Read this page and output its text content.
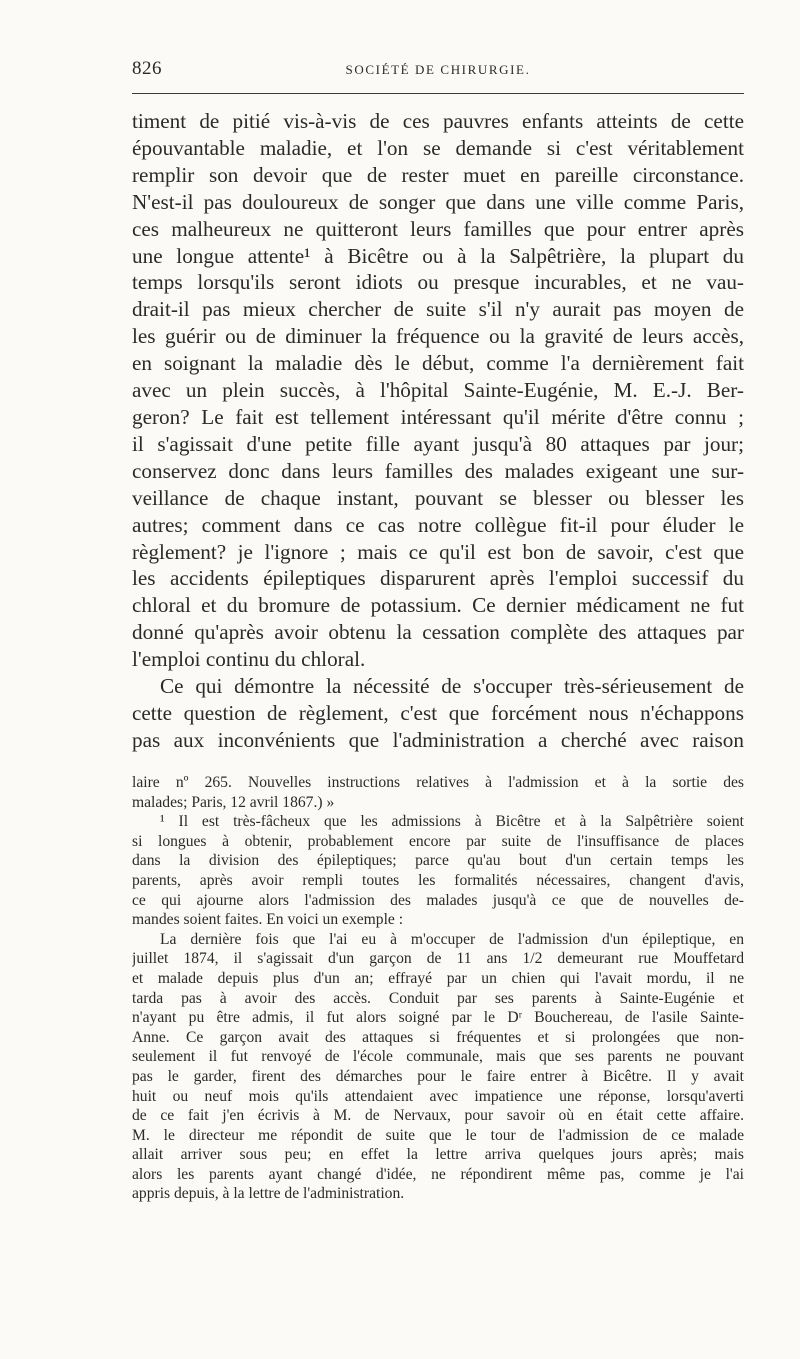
826	SOCIÉTÉ DE CHIRURGIE.
timent de pitié vis-à-vis de ces pauvres enfants atteints de cette
épouvantable maladie, et l'on se demande si c'est véritablement
remplir son devoir que de rester muet en pareille circonstance.
N'est-il pas douloureux de songer que dans une ville comme Paris,
ces malheureux ne quitteront leurs familles que pour entrer après
une longue attente¹ à Bicêtre ou à la Salpêtrière, la plupart du
temps lorsqu'ils seront idiots ou presque incurables, et ne vau-
drait-il pas mieux chercher de suite s'il n'y aurait pas moyen de
les guérir ou de diminuer la fréquence ou la gravité de leurs accès,
en soignant la maladie dès le début, comme l'a dernièrement fait
avec un plein succès, à l'hôpital Sainte-Eugénie, M. E.-J. Ber-
geron? Le fait est tellement intéressant qu'il mérite d'être connu ;
il s'agissait d'une petite fille ayant jusqu'à 80 attaques par jour;
conservez donc dans leurs familles des malades exigeant une sur-
veillance de chaque instant, pouvant se blesser ou blesser les
autres; comment dans ce cas notre collègue fit-il pour éluder le
règlement? je l'ignore ; mais ce qu'il est bon de savoir, c'est que
les accidents épileptiques disparurent après l'emploi successif du
chloral et du bromure de potassium. Ce dernier médicament ne fut
donné qu'après avoir obtenu la cessation complète des attaques par
l'emploi continu du chloral.
Ce qui démontre la nécessité de s'occuper très-sérieusement de
cette question de règlement, c'est que forcément nous n'échappons
pas aux inconvénients que l'administration a cherché avec raison
laire nº 265. Nouvelles instructions relatives à l'admission et à la sortie des
malades; Paris, 12 avril 1867.) »
¹ Il est très-fâcheux que les admissions à Bicêtre et à la Salpêtrière soient
si longues à obtenir, probablement encore par suite de l'insuffisance de places
dans la division des épileptiques; parce qu'au bout d'un certain temps les
parents, après avoir rempli toutes les formalités nécessaires, changent d'avis,
ce qui ajourne alors l'admission des malades jusqu'à ce que de nouvelles de-
mandes soient faites. En voici un exemple :
La dernière fois que l'ai eu à m'occuper de l'admission d'un épileptique, en
juillet 1874, il s'agissait d'un garçon de 11 ans 1/2 demeurant rue Mouffetard
et malade depuis plus d'un an; effrayé par un chien qui l'avait mordu, il ne
tarda pas à avoir des accès. Conduit par ses parents à Sainte-Eugénie et
n'ayant pu être admis, il fut alors soigné par le Dʳ Bouchereau, de l'asile Sainte-
Anne. Ce garçon avait des attaques si fréquentes et si prolongées que non-
seulement il fut renvoyé de l'école communale, mais que ses parents ne pouvant
pas le garder, firent des démarches pour le faire entrer à Bicêtre. Il y avait
huit ou neuf mois qu'ils attendaient avec impatience une réponse, lorsqu'averti
de ce fait j'en écrivis à M. de Nervaux, pour savoir où en était cette affaire.
M. le directeur me répondit de suite que le tour de l'admission de ce malade
allait arriver sous peu; en effet la lettre arriva quelques jours après; mais
alors les parents ayant changé d'idée, ne répondirent même pas, comme je l'ai
appris depuis, à la lettre de l'administration.
